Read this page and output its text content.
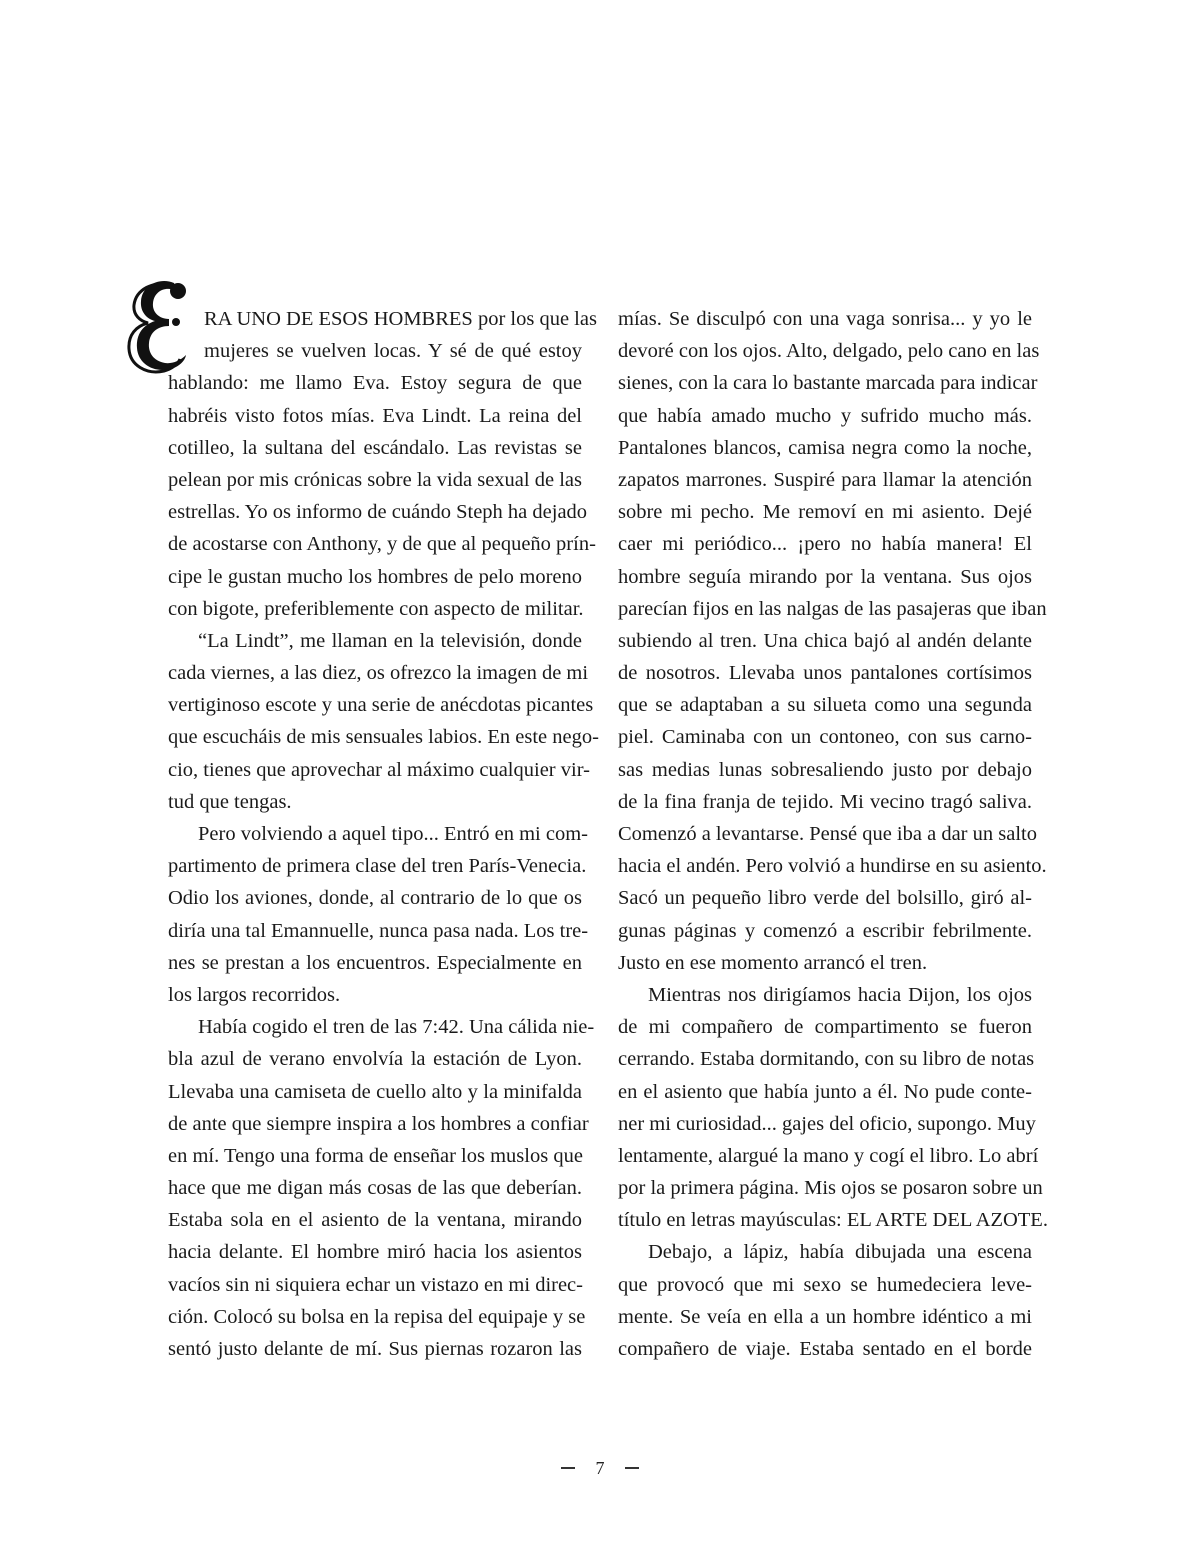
RA UNO DE ESOS HOMBRES por los que las
mujeres se vuelven locas. Y sé de qué estoy
hablando: me llamo Eva. Estoy segura de que
habréis visto fotos mías. Eva Lindt. La reina del
cotilleo, la sultana del escándalo. Las revistas se
pelean por mis crónicas sobre la vida sexual de las
estrellas. Yo os informo de cuándo Steph ha dejado
de acostarse con Anthony, y de que al pequeño prín-
cipe le gustan mucho los hombres de pelo moreno
con bigote, preferiblemente con aspecto de militar.
“La Lindt”, me llaman en la televisión, donde
cada viernes, a las diez, os ofrezco la imagen de mi
vertiginoso escote y una serie de anécdotas picantes
que escucháis de mis sensuales labios. En este nego-
cio, tienes que aprovechar al máximo cualquier vir-
tud que tengas.
Pero volviendo a aquel tipo... Entró en mi com-
partimento de primera clase del tren París-Venecia.
Odio los aviones, donde, al contrario de lo que os
diría una tal Emannuelle, nunca pasa nada. Los tre-
nes se prestan a los encuentros. Especialmente en
los largos recorridos.
Había cogido el tren de las 7:42. Una cálida nie-
bla azul de verano envolvía la estación de Lyon.
Llevaba una camiseta de cuello alto y la minifalda
de ante que siempre inspira a los hombres a confiar
en mí. Tengo una forma de enseñar los muslos que
hace que me digan más cosas de las que deberían.
Estaba sola en el asiento de la ventana, mirando
hacia delante. El hombre miró hacia los asientos
vacíos sin ni siquiera echar un vistazo en mi direc-
ción. Colocó su bolsa en la repisa del equipaje y se
sentó justo delante de mí. Sus piernas rozaron las
mías. Se disculpó con una vaga sonrisa... y yo le
devoré con los ojos. Alto, delgado, pelo cano en las
sienes, con la cara lo bastante marcada para indicar
que había amado mucho y sufrido mucho más.
Pantalones blancos, camisa negra como la noche,
zapatos marrones. Suspiré para llamar la atención
sobre mi pecho. Me removí en mi asiento. Dejé
caer mi periódico... ¡pero no había manera! El
hombre seguía mirando por la ventana. Sus ojos
parecían fijos en las nalgas de las pasajeras que iban
subiendo al tren. Una chica bajó al andén delante
de nosotros. Llevaba unos pantalones cortísimos
que se adaptaban a su silueta como una segunda
piel. Caminaba con un contoneo, con sus carno-
sas medias lunas sobresaliendo justo por debajo
de la fina franja de tejido. Mi vecino tragó saliva.
Comenzó a levantarse. Pensé que iba a dar un salto
hacia el andén. Pero volvió a hundirse en su asiento.
Sacó un pequeño libro verde del bolsillo, giró al-
gunas páginas y comenzó a escribir febrilmente.
Justo en ese momento arrancó el tren.
Mientras nos dirigíamos hacia Dijon, los ojos
de mi compañero de compartimento se fueron
cerrando. Estaba dormitando, con su libro de notas
en el asiento que había junto a él. No pude conte-
ner mi curiosidad... gajes del oficio, supongo. Muy
lentamente, alargué la mano y cogí el libro. Lo abrí
por la primera página. Mis ojos se posaron sobre un
título en letras mayúsculas: EL ARTE DEL AZOTE.
Debajo, a lápiz, había dibujada una escena
que provocó que mi sexo se humedeciera leve-
mente. Se veía en ella a un hombre idéntico a mi
compañero de viaje. Estaba sentado en el borde
7
